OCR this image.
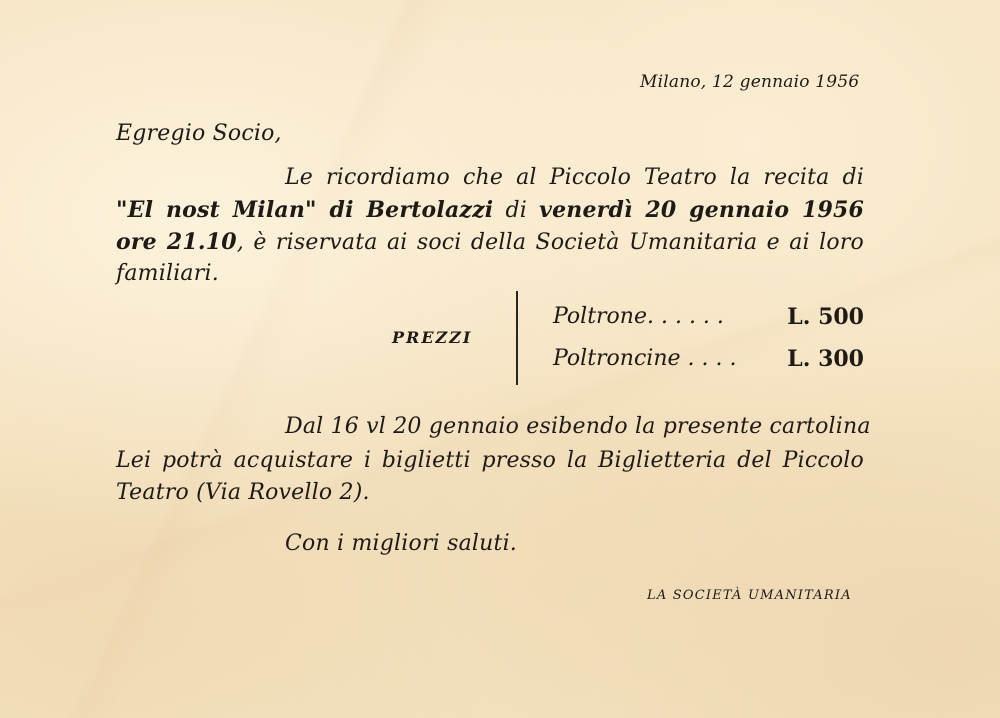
Milano, 12 gennaio 1956
Egregio Socio,
Le ricordiamo che al Piccolo Teatro la recita di
"El nost Milan" di Bertolazzi di venerdì 20 gennaio 1956
ore 21.10, è riservata ai soci della Società Umanitaria e ai loro
familiari.
PREZZI
Poltrone. . . . . .	L. 500
Poltroncine . . . . L. 300
Dal 16 vl 20 gennaio esibendo la presente cartolina
Lei potrà acquistare i biglietti presso la Biglietteria del Piccolo
Teatro (Via Rovello 2).
Con i migliori saluti.
LA SOCIETÀ UMANITARIA
